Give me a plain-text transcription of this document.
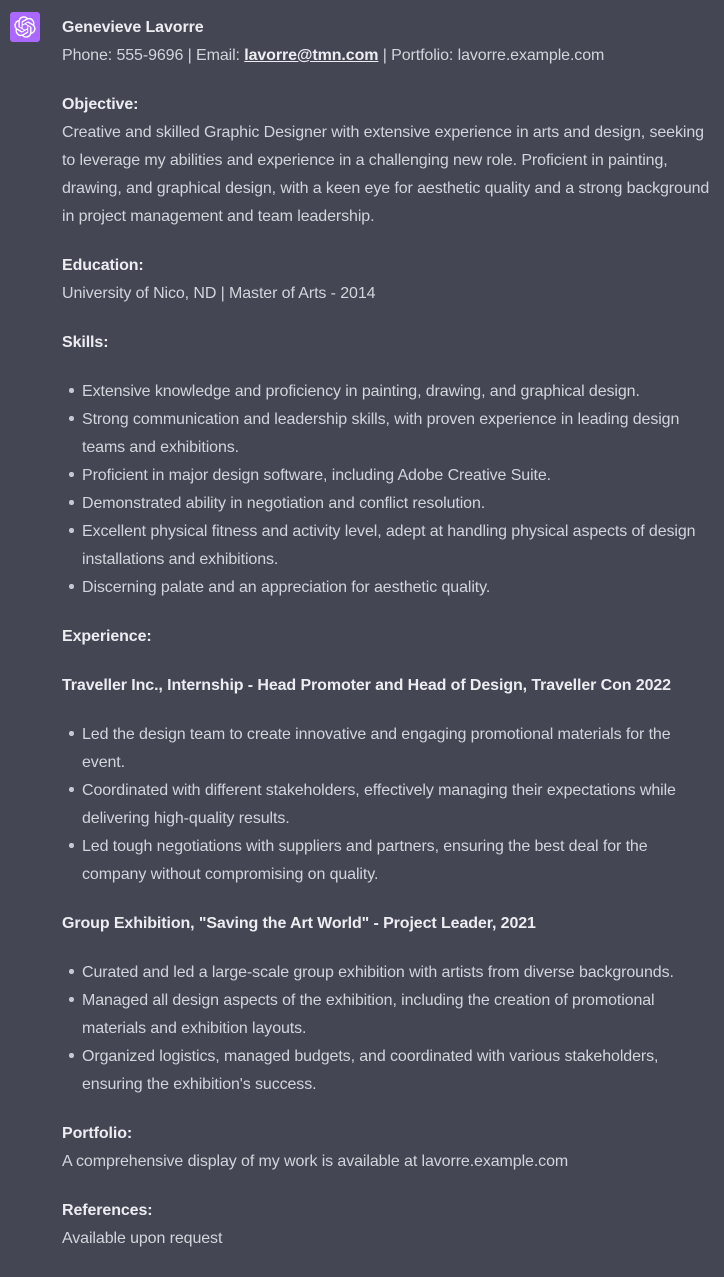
Genevieve Lavorre
Phone: 555-9696 | Email: lavorre@tmn.com | Portfolio: lavorre.example.com

Objective:
Creative and skilled Graphic Designer with extensive experience in arts and design, seeking to leverage my abilities and experience in a challenging new role. Proficient in painting, drawing, and graphical design, with a keen eye for aesthetic quality and a strong background in project management and team leadership.

Education:
University of Nico, ND | Master of Arts - 2014

Skills:

Extensive knowledge and proficiency in painting, drawing, and graphical design.
Strong communication and leadership skills, with proven experience in leading design teams and exhibitions.
Proficient in major design software, including Adobe Creative Suite.
Demonstrated ability in negotiation and conflict resolution.
Excellent physical fitness and activity level, adept at handling physical aspects of design installations and exhibitions.
Discerning palate and an appreciation for aesthetic quality.

Experience:

Traveller Inc., Internship - Head Promoter and Head of Design, Traveller Con 2022

Led the design team to create innovative and engaging promotional materials for the event.
Coordinated with different stakeholders, effectively managing their expectations while delivering high-quality results.
Led tough negotiations with suppliers and partners, ensuring the best deal for the company without compromising on quality.

Group Exhibition, "Saving the Art World" - Project Leader, 2021

Curated and led a large-scale group exhibition with artists from diverse backgrounds.
Managed all design aspects of the exhibition, including the creation of promotional materials and exhibition layouts.
Organized logistics, managed budgets, and coordinated with various stakeholders, ensuring the exhibition's success.

Portfolio:
A comprehensive display of my work is available at lavorre.example.com

References:
Available upon request
